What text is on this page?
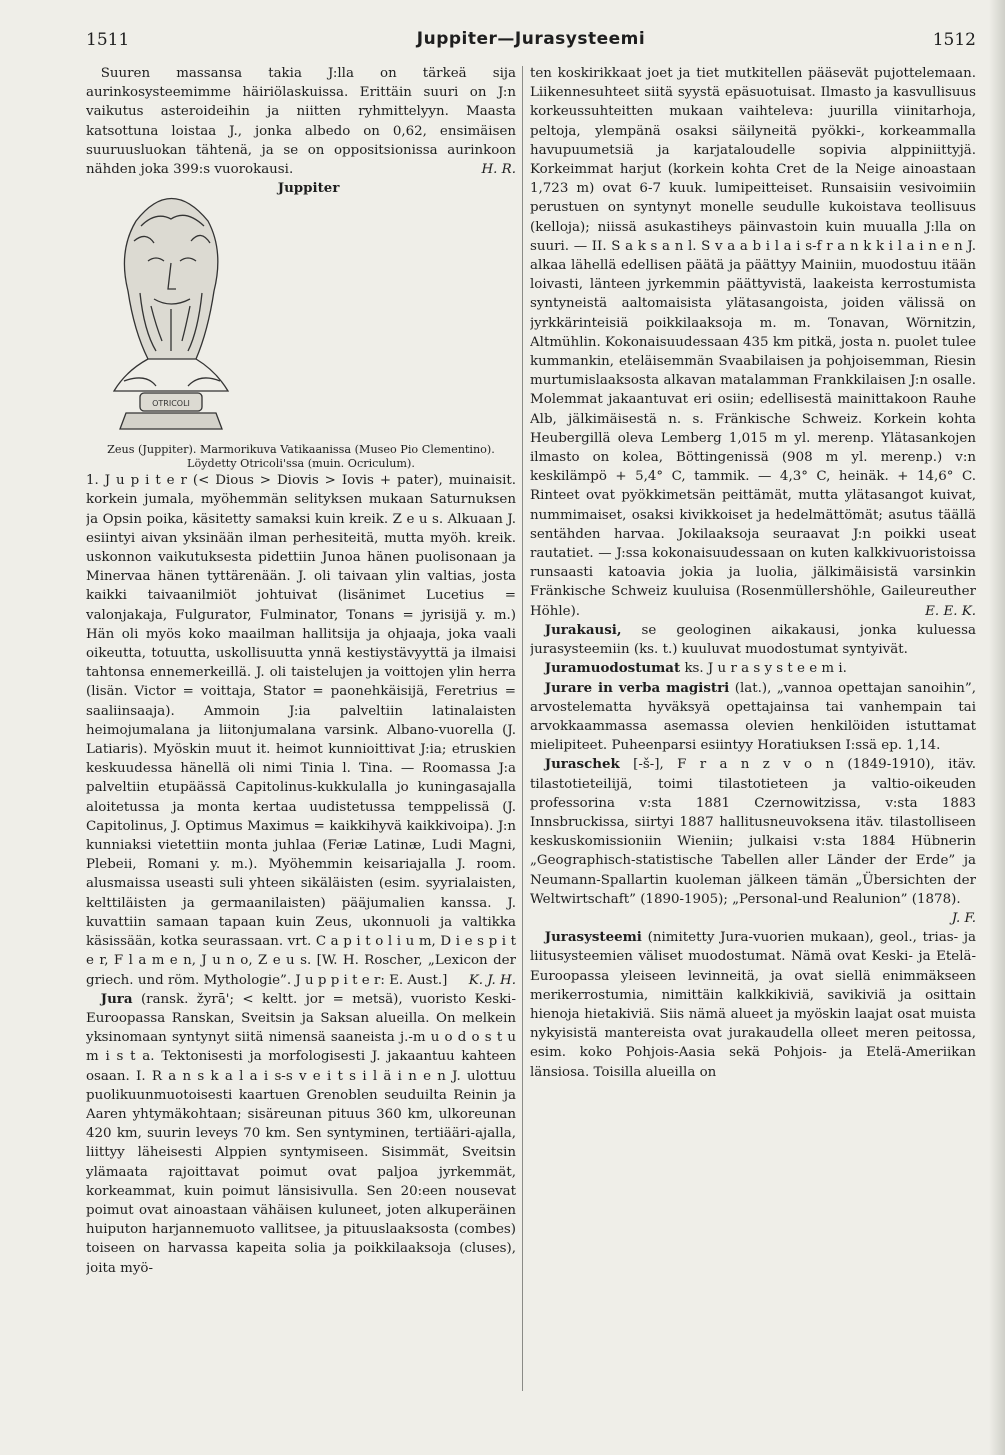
1511	Juppiter—Jurasysteemi	1512

Suuren massansa takia J:lla on tärkeä sija aurinkosysteemimme häiriölaskuissa. Erittäin suuri on J:n vaikutus asteroideihin ja niitten ryhmittelyyn. Maasta katsottuna loistaa J., jonka albedo on 0,62, ensimäisen suuruusluokan tähtenä, ja se on oppositsionissa aurinkoon nähden joka 399:s vuorokausi.	H. R.

Juppiter
OTRICOLI

Zeus (Juppiter). Marmorikuva Vatikaanissa (Museo Pio Clementino). Löydetty Otricoli'ssa (muin. Ocriculum).
1. J u p i t e r (< Dious > Diovis > Iovis + pater), muinaisit. korkein jumala, myöhemmän selityksen mukaan Saturnuksen ja Opsin poika, käsitetty samaksi kuin kreik. Z e u s. Alkuaan J. esiintyi aivan yksinään ilman perhesiteitä, mutta myöh. kreik. uskonnon vaikutuksesta pidettiin Junoa hänen puolisonaan ja Minervaa hänen tyttärenään. J. oli taivaan ylin valtias, josta kaikki taivaanilmiöt johtuivat (lisänimet Lucetius = valonjakaja, Fulgurator, Fulminator, Tonans = jyrisijä y. m.) Hän oli myös koko maailman hallitsija ja ohjaaja, joka vaali oikeutta, totuutta, uskollisuutta ynnä kestiystävyyttä ja ilmaisi tahtonsa ennemerkeillä. J. oli taistelujen ja voittojen ylin herra (lisän. Victor = voittaja, Stator = paonehkäisijä, Feretrius = saaliinsaaja). Ammoin J:ia palveltiin latinalaisten heimojumalana ja liitonjumalana varsink. Albano-vuorella (J. Latiaris). Myöskin muut it. heimot kunnioittivat J:ia; etruskien keskuudessa hänellä oli nimi Tinia l. Tina. — Roomassa J:a palveltiin etupäässä Capitolinus-kukkulalla jo kuningasajalla aloitetussa ja monta kertaa uudistetussa temppelissä (J. Capitolinus, J. Optimus Maximus = kaikkihyvä kaikkivoipa). J:n kunniaksi vietettiin monta juhlaa (Feriæ Latinæ, Ludi Magni, Plebeii, Romani y. m.). Myöhemmin keisariajalla J. room. alusmaissa useasti suli yhteen sikäläisten (esim. syyrialaisten, kelttiläisten ja germaanilaisten) pääjumalien kanssa. J. kuvattiin samaan tapaan kuin Zeus, ukonnuoli ja valtikka käsissään, kotka seurassaan. vrt. C a p i t o l i u m, D i e s p i t e r, F l a m e n, J u n o, Z e u s. [W. H. Roscher, „Lexicon der griech. und röm. Mythologie”. J u p p i t e r: E. Aust.] K. J. H.

Jura (ransk. žyrā'; < keltt. jor = metsä), vuoristo Keski-Euroopassa Ranskan, Sveitsin ja Saksan alueilla. On melkein yksinomaan syntynyt siitä nimensä saaneista j.-m u o d o s t u m i s t a. Tektonisesti ja morfologisesti J. jakaantuu kahteen osaan. I. R a n s k a l a i s-s v e i t s i l ä i n e n J. ulottuu puolikuunmuotoisesti kaartuen Grenoblen seuduilta Reinin ja Aaren yhtymäkohtaan; sisäreunan pituus 360 km, ulkoreunan 420 km, suurin leveys 70 km. Sen syntyminen, tertiääri-ajalla, liittyy läheisesti Alppien syntymiseen. Sisimmät, Sveitsin ylämaata rajoittavat poimut ovat paljoa jyrkemmät, korkeammat, kuin poimut länsisivulla. Sen 20:een nousevat poimut ovat ainoastaan vähäisen kuluneet, joten alkuperäinen huiputon harjannemuoto vallitsee, ja pituuslaaksosta (combes) toiseen on harvassa kapeita solia ja poikkilaaksoja (cluses), joita myö-

ten koskirikkaat joet ja tiet mutkitellen pääsevät pujottelemaan. Liikennesuhteet siitä syystä epäsuotuisat. Ilmasto ja kasvullisuus korkeussuhteitten mukaan vaihteleva: juurilla viinitarhoja, peltoja, ylempänä osaksi säilyneitä pyökki-, korkeammalla havupuumetsiä ja karjataloudelle sopivia alppiniittyjä. Korkeimmat harjut (korkein kohta Cret de la Neige ainoastaan 1,723 m) ovat 6-7 kuuk. lumipeitteiset. Runsaisiin vesivoimiin perustuen on syntynyt monelle seudulle kukoistava teollisuus (kelloja); niissä asukastiheys päinvastoin kuin muualla J:lla on suuri. — II. S a k s a n l. S v a a b i l a i s-f r a n k k i l a i n e n J. alkaa lähellä edellisen päätä ja päättyy Mainiin, muodostuu itään loivasti, länteen jyrkemmin päättyvistä, laakeista kerrostumista syntyneistä aaltomaisista ylätasangoista, joiden välissä on jyrkkärinteisiä poikkilaaksoja m. m. Tonavan, Wörnitzin, Altmühlin. Kokonaisuudessaan 435 km pitkä, josta n. puolet tulee kummankin, eteläisemmän Svaabilaisen ja pohjoisemman, Riesin murtumislaaksosta alkavan matalamman Frankkilaisen J:n osalle. Molemmat jakaantuvat eri osiin; edellisestä mainittakoon Rauhe Alb, jälkimäisestä n. s. Fränkische Schweiz. Korkein kohta Heubergillä oleva Lemberg 1,015 m yl. merenp. Ylätasankojen ilmasto on kolea, Böttingenissä (908 m yl. merenp.) v:n keskilämpö + 5,4° C, tammik. — 4,3° C, heinäk. + 14,6° C. Rinteet ovat pyökkimetsän peittämät, mutta ylätasangot kuivat, nummimaiset, osaksi kivikkoiset ja hedelmättömät; asutus täällä sentähden harvaa. Jokilaaksoja seuraavat J:n poikki useat rautatiet. — J:ssa kokonaisuudessaan on kuten kalkkivuoristoissa runsaasti katoavia jokia ja luolia, jälkimäisistä varsinkin Fränkische Schweiz kuuluisa (Rosenmüllershöhle, Gaileureuther Höhle).	E. E. K.

Jurakausi, se geologinen aikakausi, jonka kuluessa jurasysteemiin (ks. t.) kuuluvat muodostumat syntyivät.

Juramuodostumat ks. J u r a s y s t e e m i.

Jurare in verba magistri (lat.), „vannoa opettajan sanoihin”, arvostelematta hyväksyä opettajainsa tai vanhempain tai arvokkaammassa asemassa olevien henkilöiden istuttamat mielipiteet. Puheenparsi esiintyy Horatiuksen I:ssä ep. 1,14.

Juraschek [-š-], F r a n z v o n (1849-1910), itäv. tilastotieteilijä, toimi tilastotieteen ja valtio-oikeuden professorina v:sta 1881 Czernowitzissa, v:sta 1883 Innsbruckissa, siirtyi 1887 hallitusneuvoksena itäv. tilastolliseen keskuskomissioniin Wieniin; julkaisi v:sta 1884 Hübnerin „Geographisch-statistische Tabellen aller Länder der Erde” ja Neumann-Spallartin kuoleman jälkeen tämän „Übersichten der Weltwirtschaft” (1890-1905); „Personal-und Realunion” (1878).
J. F.

Jurasysteemi (nimitetty Jura-vuorien mukaan), geol., trias- ja liitusysteemien väliset muodostumat. Nämä ovat Keski- ja Etelä-Euroopassa yleiseen levinneitä, ja ovat siellä enimmäkseen merikerrostumia, nimittäin kalkkikiviä, savikiviä ja osittain hienoja hietakiviä. Siis nämä alueet ja myöskin laajat osat muista nykyisistä mantereista ovat jurakaudella olleet meren peitossa, esim. koko Pohjois-Aasia sekä Pohjois- ja Etelä-Ameriikan länsiosa. Toisilla alueilla on
